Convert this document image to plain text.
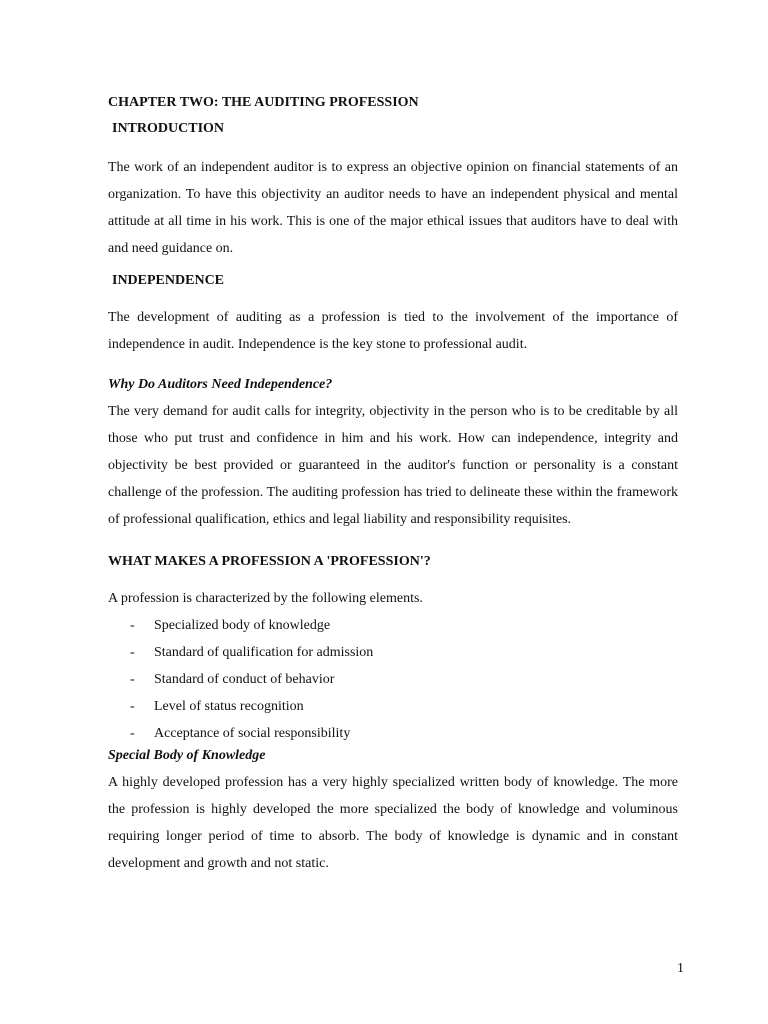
CHAPTER TWO: THE AUDITING PROFESSION

INTRODUCTION

The work of an independent auditor is to express an objective opinion on financial statements of an organization. To have this objectivity an auditor needs to have an independent physical and mental attitude at all time in his work. This is one of the major ethical issues that auditors have to deal with and need guidance on.

INDEPENDENCE

The development of auditing as a profession is tied to the involvement of the importance of independence in audit. Independence is the key stone to professional audit.

Why Do Auditors Need Independence?

The very demand for audit calls for integrity, objectivity in the person who is to be creditable by all those who put trust and confidence in him and his work. How can independence, integrity and objectivity be best provided or guaranteed in the auditor's function or personality is a constant challenge of the profession. The auditing profession has tried to delineate these within the framework of professional qualification, ethics and legal liability and responsibility requisites.

WHAT MAKES A PROFESSION A 'PROFESSION'?

A profession is characterized by the following elements.

- Specialized body of knowledge
- Standard of qualification for admission
- Standard of conduct of behavior
- Level of status recognition
- Acceptance of social responsibility

Special Body of Knowledge

A highly developed profession has a very highly specialized written body of knowledge. The more the profession is highly developed the more specialized the body of knowledge and voluminous requiring longer period of time to absorb. The body of knowledge is dynamic and in constant development and growth and not static.

1
